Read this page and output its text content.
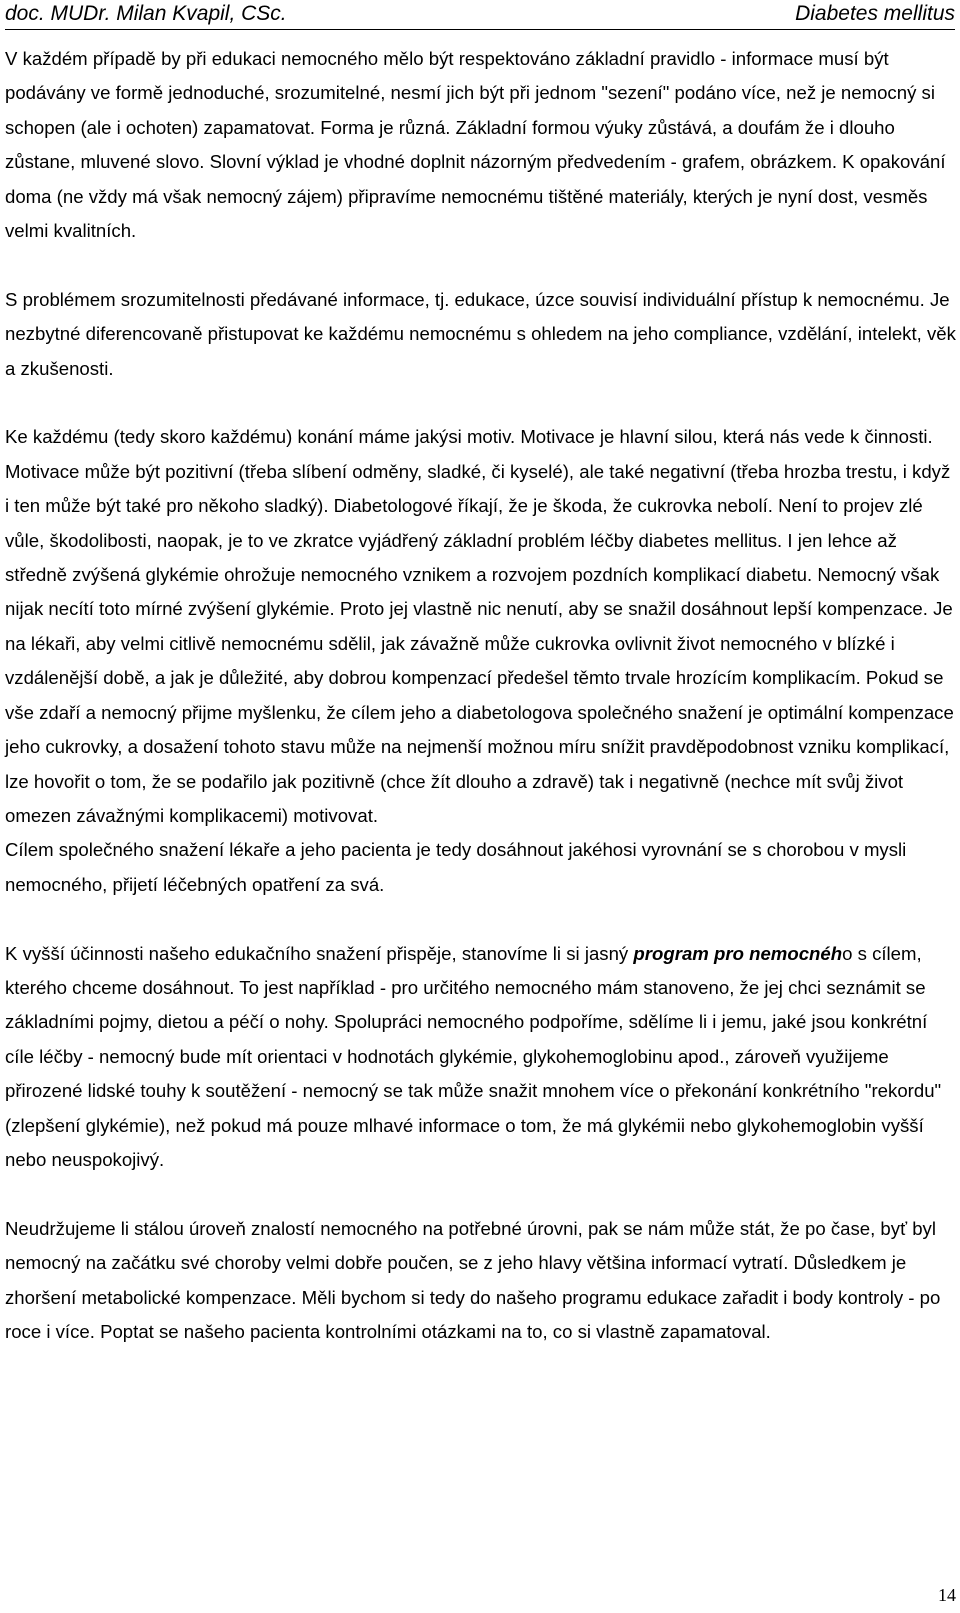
doc. MUDr. Milan Kvapil, CSc.	Diabetes mellitus

V každém případě by při edukaci nemocného mělo být respektováno základní pravidlo - informace musí být podávány ve formě jednoduché, srozumitelné, nesmí jich být při jednom "sezení" podáno více, než je nemocný si schopen (ale i ochoten) zapamatovat. Forma je různá. Základní formou výuky zůstává, a doufám že i dlouho zůstane, mluvené slovo. Slovní výklad je vhodné doplnit názorným předvedením - grafem, obrázkem. K opakování doma (ne vždy má však nemocný zájem) připravíme nemocnému tištěné materiály, kterých je nyní dost, vesměs velmi kvalitních.

S problémem srozumitelnosti předávané informace, tj. edukace, úzce souvisí individuální přístup k nemocnému. Je nezbytné diferencovaně přistupovat ke každému nemocnému s ohledem na jeho compliance, vzdělání, intelekt, věk a zkušenosti.

Ke každému (tedy skoro každému) konání máme jakýsi motiv. Motivace je hlavní silou, která nás vede k činnosti. Motivace může být pozitivní (třeba slíbení odměny, sladké, či kyselé), ale také negativní (třeba hrozba trestu, i když i ten může být také pro někoho sladký). Diabetologové říkají, že je škoda, že cukrovka nebolí. Není to projev zlé vůle, škodolibosti, naopak, je to ve zkratce vyjádřený základní problém léčby diabetes mellitus. I jen lehce až středně zvýšená glykémie ohrožuje nemocného vznikem a rozvojem pozdních komplikací diabetu. Nemocný však nijak necítí toto mírné zvýšení glykémie. Proto jej vlastně nic nenutí, aby se snažil dosáhnout lepší kompenzace. Je na lékaři, aby velmi citlivě nemocnému sdělil, jak závažně může cukrovka ovlivnit život nemocného v blízké i vzdálenější době, a jak je důležité, aby dobrou kompenzací předešel těmto trvale hrozícím komplikacím. Pokud se vše zdaří a nemocný přijme myšlenku, že cílem jeho a diabetologova společného snažení je optimální kompenzace jeho cukrovky, a dosažení tohoto stavu může na nejmenší možnou míru snížit pravděpodobnost vzniku komplikací, lze hovořit o tom, že se podařilo jak pozitivně (chce žít dlouho a zdravě) tak i negativně (nechce mít svůj život omezen závažnými komplikacemi) motivovat.

Cílem společného snažení lékaře a jeho pacienta je tedy dosáhnout jakéhosi vyrovnání se s chorobou v mysli nemocného, přijetí léčebných opatření za svá.

K vyšší účinnosti našeho edukačního snažení přispěje, stanovíme li si jasný program pro nemocného s cílem, kterého chceme dosáhnout. To jest například - pro určitého nemocného mám stanoveno, že jej chci seznámit se základními pojmy, dietou a péčí o nohy. Spolupráci nemocného podpoříme, sdělíme li i jemu, jaké jsou konkrétní cíle léčby - nemocný bude mít orientaci v hodnotách glykémie, glykohemoglobinu apod., zároveň využijeme přirozené lidské touhy k soutěžení - nemocný se tak může snažit mnohem více o překonání konkrétního "rekordu" (zlepšení glykémie), než pokud má pouze mlhavé informace o tom, že má glykémii nebo glykohemoglobin vyšší nebo neuspokojivý.

Neudržujeme li stálou úroveň znalostí nemocného na potřebné úrovni, pak se nám může stát, že po čase, byť byl nemocný na začátku své choroby velmi dobře poučen, se z jeho hlavy většina informací vytratí. Důsledkem je zhoršení metabolické kompenzace. Měli bychom si tedy do našeho programu edukace zařadit i body kontroly - po roce i více. Poptat se našeho pacienta kontrolními otázkami na to, co si vlastně zapamatoval.

14
